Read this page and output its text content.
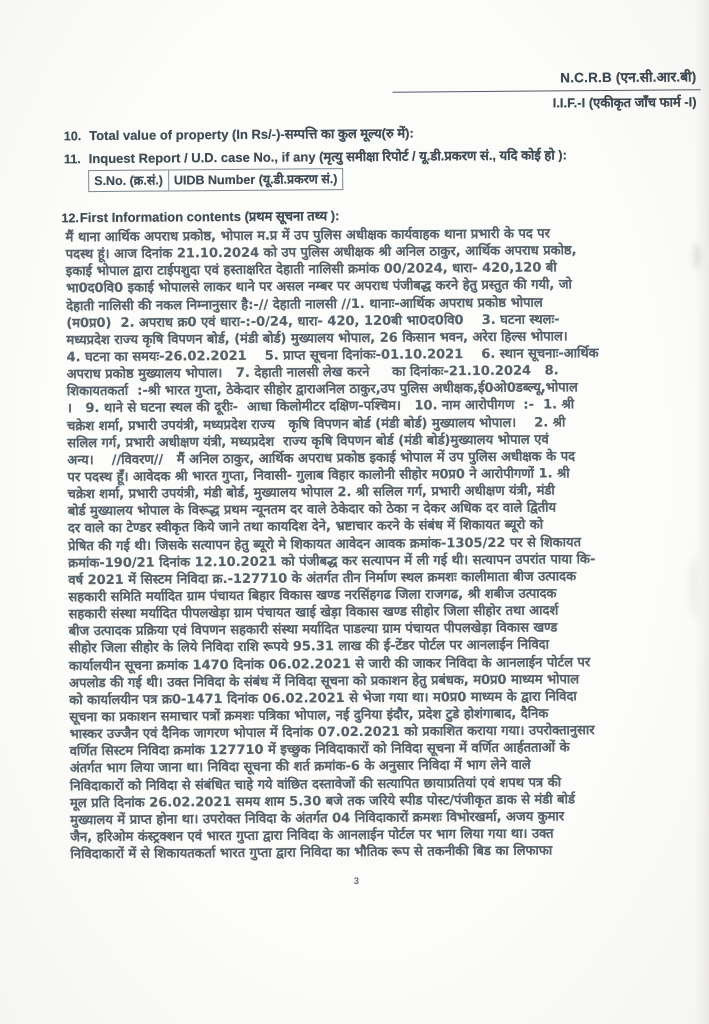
N.C.R.B (एन.सी.आर.बी)
I.I.F.-I (एकीकृत जाँच फार्म -I)
10. Total value of property (In Rs/-)-सम्पत्ति का कुल मूल्य(रु में):
11. Inquest Report / U.D. case No., if any (मृत्यु समीक्षा रिपोर्ट / यू.डी.प्रकरण सं., यदि कोई हो ):
S.No. (क्र.सं.) UIDB Number (यू.डी.प्रकरण सं.)
12. First Information contents (प्रथम सूचना तथ्य ):
मैं थाना आर्थिक अपराध प्रकोष्ठ, भोपाल म.प्र में उप पुलिस अधीक्षक कार्यवाहक थाना प्रभारी के पद पर
पदस्थ हूं। आज दिनांक 21.10.2024 को उप पुलिस अधीक्षक श्री अनिल ठाकुर, आर्थिक अपराध प्रकोष्ठ,
इकाई भोपाल द्वारा टाईपशुदा एवं हस्ताक्षरित देहाती नालिसी क्रमांक 00/2024, धारा- 420,120 बी
भा0द0वि0 इकाई भोपालसे लाकर थाने पर असल नम्बर पर अपराध पंजीबद्ध करने हेतु प्रस्तुत की गयी, जो
देहाती नालिसी की नकल निम्नानुसार है:-// देहाती नालसी //1. थानाः-आर्थिक अपराध प्रकोष्ठ भोपाल
(म0प्र0)  2. अपराध क्र0 एवं धारा-:-0/24, धारा- 420, 120बी भा0द0वि0    3. घटना स्थलः-
मध्यप्रदेश राज्य कृषि विपणन बोर्ड, (मंडी बोर्ड) मुख्यालय भोपाल, 26 किसान भवन, अरेरा हिल्स भोपाल।
4. घटना का समयः-26.02.2021    5. प्राप्त सूचना दिनांकः-01.10.2021    6. स्थान सूचनाः-आर्थिक
अपराध प्रकोष्ठ मुख्यालय भोपाल।   7. देहाती नालसी लेख करने     का दिनांकः-21.10.2024   8.
शिकायतकर्ता  :-श्री भारत गुप्ता, ठेकेदार सीहोर द्वाराअनिल ठाकुर,उप पुलिस अधीक्षक,ई0ओ0डब्ल्यू,भोपाल
।   9. थाने से घटना स्थल की दूरीः-  आधा किलोमीटर दक्षिण-पश्चिम।   10. नाम आरोपीगण  :-  1. श्री
चक्रेश शर्मा, प्रभारी उपयंत्री, मध्यप्रदेश राज्य   कृषि विपणन बोर्ड (मंडी बोर्ड) मुख्यालय भोपाल।    2. श्री
सलिल गर्ग, प्रभारी अधीक्षण यंत्री, मध्यप्रदेश  राज्य कृषि विपणन बोर्ड (मंडी बोर्ड)मुख्यालय भोपाल एवं
अन्य।    //विवरण//   मैं अनिल ठाकुर, आर्थिक अपराध प्रकोष्ठ इकाई भोपाल में उप पुलिस अधीक्षक के पद
पर पदस्थ हूँ। आवेदक श्री भारत गुप्ता, निवासी- गुलाब विहार कालोनी सीहोर म0प्र0 ने आरोपीगणों 1. श्री
चक्रेश शर्मा, प्रभारी उपयंत्री, मंडी बोर्ड, मुख्यालय भोपाल 2. श्री सलिल गर्ग, प्रभारी अधीक्षण यंत्री, मंडी
बोर्ड मुख्यालय भोपाल के विरूद्ध प्रथम न्यूनतम दर वाले ठेकेदार को ठेका न देकर अधिक दर वाले द्वितीय
दर वाले का टेण्डर स्वीकृत किये जाने तथा कायदिश देने, भ्रष्टाचार करने के संबंध में शिकायत ब्यूरो को
प्रेषित की गई थी। जिसके सत्यापन हेतु ब्यूरो मे शिकायत आवेदन आवक क्रमांक-1305/22 पर से शिकायत
क्रमांक-190/21 दिनांक 12.10.2021 को पंजीबद्ध कर सत्यापन में ली गई थी। सत्यापन उपरांत पाया कि-
वर्ष 2021 में सिस्टम निविदा क्र.-127710 के अंतर्गत तीन निर्माण स्थल क्रमशः कालीमाता बीज उत्पादक
सहकारी समिति मर्यादित ग्राम पंचायत बिहार विकास खण्ड नरसिंहगढ जिला राजगढ, श्री शबीज उत्पादक
सहकारी संस्था मर्यादित पीपलखेड़ा ग्राम पंचायत खाई खेड़ा विकास खण्ड सीहोर जिला सीहोर तथा आदर्श
बीज उत्पादक प्रक्रिया एवं विपणन सहकारी संस्था मर्यादित पाडल्या ग्राम पंचायत पीपलखेड़ा विकास खण्ड
सीहोर जिला सीहोर के लिये निविदा राशि रूपये 95.31 लाख की ई-टेंडर पोर्टल पर आनलाईन निविदा
कार्यालयीन सूचना क्रमांक 1470 दिनांक 06.02.2021 से जारी की जाकर निविदा के आनलाईन पोर्टल पर
अपलोड की गई थी। उक्त निविदा के संबंध में निविदा सूचना को प्रकाशन हेतु प्रबंधक, म0प्र0 माध्यम भोपाल
को कार्यालयीन पत्र क्र0-1471 दिनांक 06.02.2021 से भेजा गया था। म0प्र0 माध्यम के द्वारा निविदा
सूचना का प्रकाशन समाचार पत्रों क्रमशः पत्रिका भोपाल, नई दुनिया इंदौर, प्रदेश टुडे होशंगाबाद, दैनिक
भास्कर उज्जैन एवं दैनिक जागरण भोपाल में दिनांक 07.02.2021 को प्रकाशित कराया गया। उपरोक्तानुसार
वर्णित सिस्टम निविदा क्रमांक 127710 में इच्छुक निविदाकारों को निविदा सूचना में वर्णित आर्हतताओं के
अंतर्गत भाग लिया जाना था। निविदा सूचना की शर्त क्रमांक-6 के अनुसार निविदा में भाग लेने वाले
निविदाकारों को निविदा से संबंधित चाहे गये वांछित दस्तावेजों की सत्यापित छायाप्रतियां एवं शपथ पत्र की
मूल प्रति दिनांक 26.02.2021 समय शाम 5.30 बजे तक जरिये स्पीड पोस्ट/पंजीकृत डाक से मंडी बोर्ड
मुख्यालय में प्राप्त होना था। उपरोक्त निविदा के अंतर्गत 04 निविदाकारों क्रमशः विभोरखर्मा, अजय कुमार
जैन, हरिओम कंस्ट्रक्शन एवं भारत गुप्ता द्वारा निविदा के आनलाईन पोर्टल पर भाग लिया गया था। उक्त
निविदाकारों में से शिकायतकर्ता भारत गुप्ता द्वारा निविदा का भौतिक रूप से तकनीकी बिड का लिफाफा
3
